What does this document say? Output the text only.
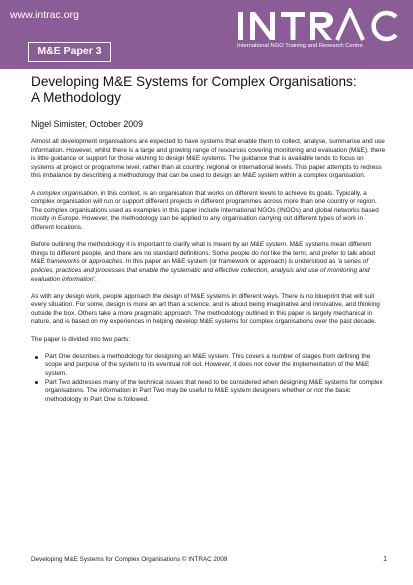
www.intrac.org
International NGO Training and Research Centre
M&E Paper 3
Developing M&E Systems for Complex Organisations:
A Methodology
Nigel Simister, October 2009

Almost all development organisations are expected to have systems that enable them to collect, analyse, summarise and use information. However, whilst there is a large and growing range of resources covering monitoring and evaluation (M&E), there is little guidance or support for those wishing to design M&E systems. The guidance that is available tends to focus on systems at project or programme level, rather than at country, regional or international levels. This paper attempts to redress this imbalance by describing a methodology that can be used to design an M&E system within a complex organisation.

A complex organisation, in this context, is an organisation that works on different levels to achieve its goals. Typically, a complex organisation will run or support different projects in different programmes across more than one country or region. The complex organisations used as examples in this paper include international NGOs (INGOs) and global networks based mostly in Europe. However, the methodology can be applied to any organisation carrying out different types of work in different locations.

Before outlining the methodology it is important to clarify what is meant by an M&E system. M&E systems mean different things to different people, and there are no standard definitions. Some people do not like the term, and prefer to talk about M&E frameworks or approaches. In this paper an M&E system (or framework or approach) is understood as ‘a series of policies, practices and processes that enable the systematic and effective collection, analysis and use of monitoring and evaluation information’.

As with any design work, people approach the design of M&E systems in different ways. There is no blueprint that will suit every situation. For some, design is more an art than a science, and is about being imaginative and innovative, and thinking outside the box. Others take a more pragmatic approach. The methodology outlined in this paper is largely mechanical in nature, and is based on my experiences in helping develop M&E systems for complex organisations over the past decade.

The paper is divided into two parts:

Part One describes a methodology for designing an M&E system. This covers a number of stages from defining the scope and purpose of the system to its eventual roll out. However, it does not cover the implementation of the M&E system.
Part Two addresses many of the technical issues that need to be considered when designing M&E systems for complex organisations. The information in Part Two may be useful to M&E system designers whether or not the basic methodology in Part One is followed.
Developing M&E Systems for Complex Organisations © INTRAC 2009	1
